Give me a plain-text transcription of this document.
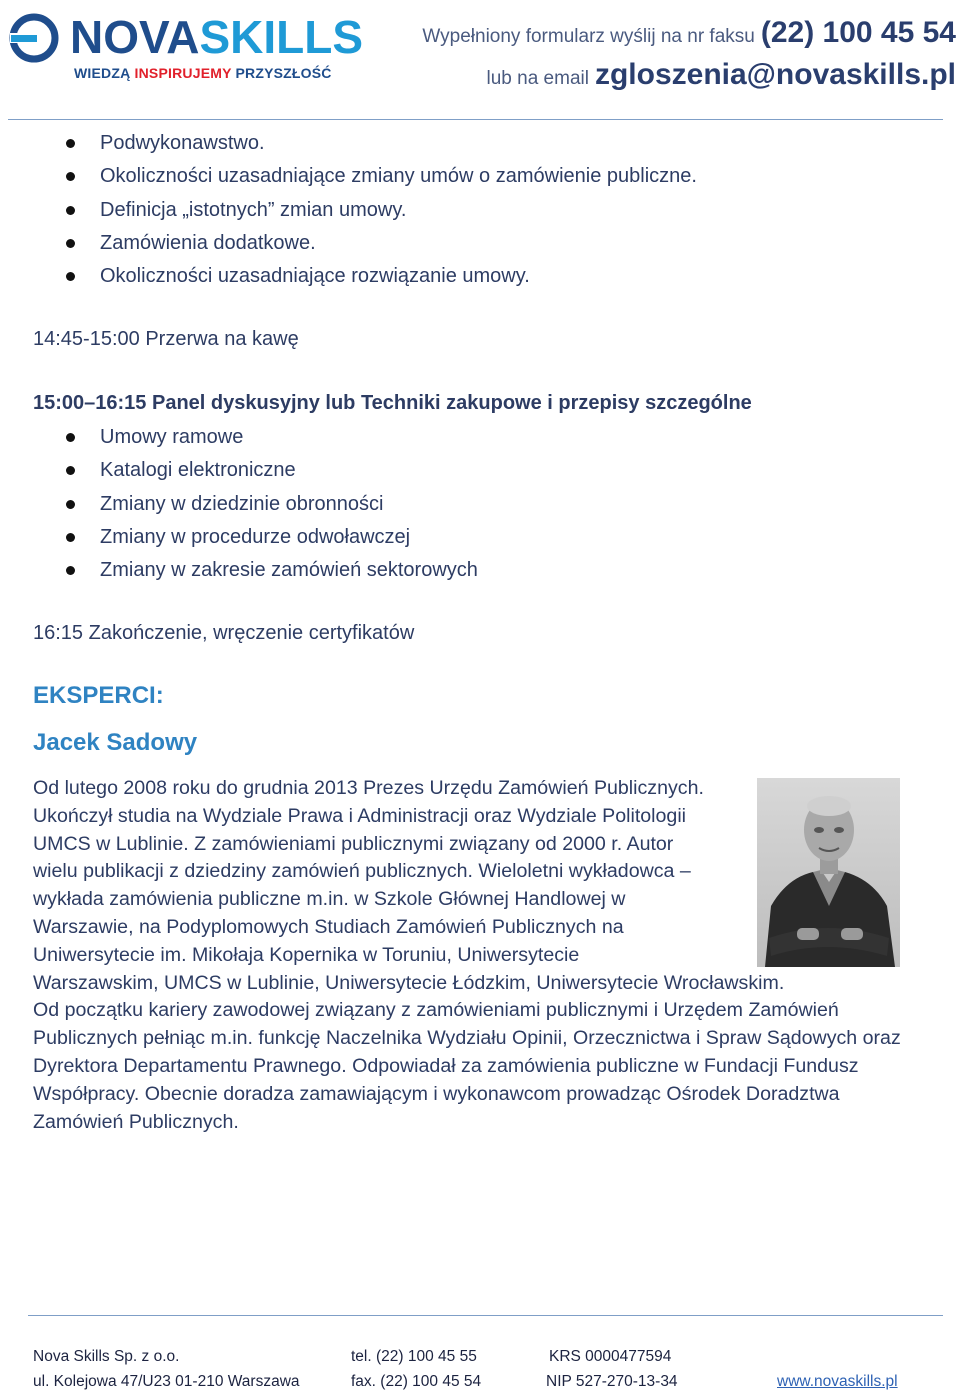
NOVASKILLS
WIEDZĄ INSPIRUJEMY PRZYSZŁOŚĆ
Wypełniony formularz wyślij na nr faksu (22) 100 45 54
lub na email zgloszenia@novaskills.pl
Podwykonawstwo.
Okoliczności uzasadniające zmiany umów o zamówienie publiczne.
Definicja „istotnych” zmian umowy.
Zamówienia dodatkowe.
Okoliczności uzasadniające rozwiązanie umowy.
14:45-15:00 Przerwa na kawę
15:00–16:15 Panel dyskusyjny lub Techniki zakupowe i przepisy szczególne
Umowy ramowe
Katalogi elektroniczne
Zmiany w dziedzinie obronności
Zmiany w procedurze odwoławczej
Zmiany w zakresie zamówień sektorowych
16:15 Zakończenie, wręczenie certyfikatów
EKSPERCI:
Jacek Sadowy

Od lutego 2008 roku do grudnia 2013 Prezes Urzędu Zamówień Publicznych.

Ukończył studia na Wydziale Prawa i Administracji oraz Wydziale Politologii

UMCS w Lublinie. Z zamówieniami publicznymi związany od 2000 r. Autor

wielu publikacji z dziedziny zamówień publicznych. Wieloletni wykładowca –

wykłada zamówienia publiczne m.in. w Szkole Głównej Handlowej w

Warszawie, na Podyplomowych Studiach Zamówień Publicznych na

Uniwersytecie im. Mikołaja Kopernika w Toruniu, Uniwersytecie

Warszawskim, UMCS w Lublinie, Uniwersytecie Łódzkim, Uniwersytecie Wrocławskim.

Od początku kariery zawodowej związany z zamówieniami publicznymi i Urzędem Zamówień

Publicznych pełniąc m.in. funkcję Naczelnika Wydziału Opinii, Orzecznictwa i Spraw Sądowych oraz

Dyrektora Departamentu Prawnego. Odpowiadał za zamówienia publiczne w Fundacji Fundusz

Współpracy. Obecnie doradza zamawiającym i wykonawcom prowadząc Ośrodek Doradztwa

Zamówień Publicznych.

Nova Skills Sp. z o.o.
ul. Kolejowa 47/U23 01-210 Warszawa
tel. (22) 100 45 55
fax. (22) 100 45 54
KRS 0000477594
NIP 527-270-13-34	www.novaskills.pl
